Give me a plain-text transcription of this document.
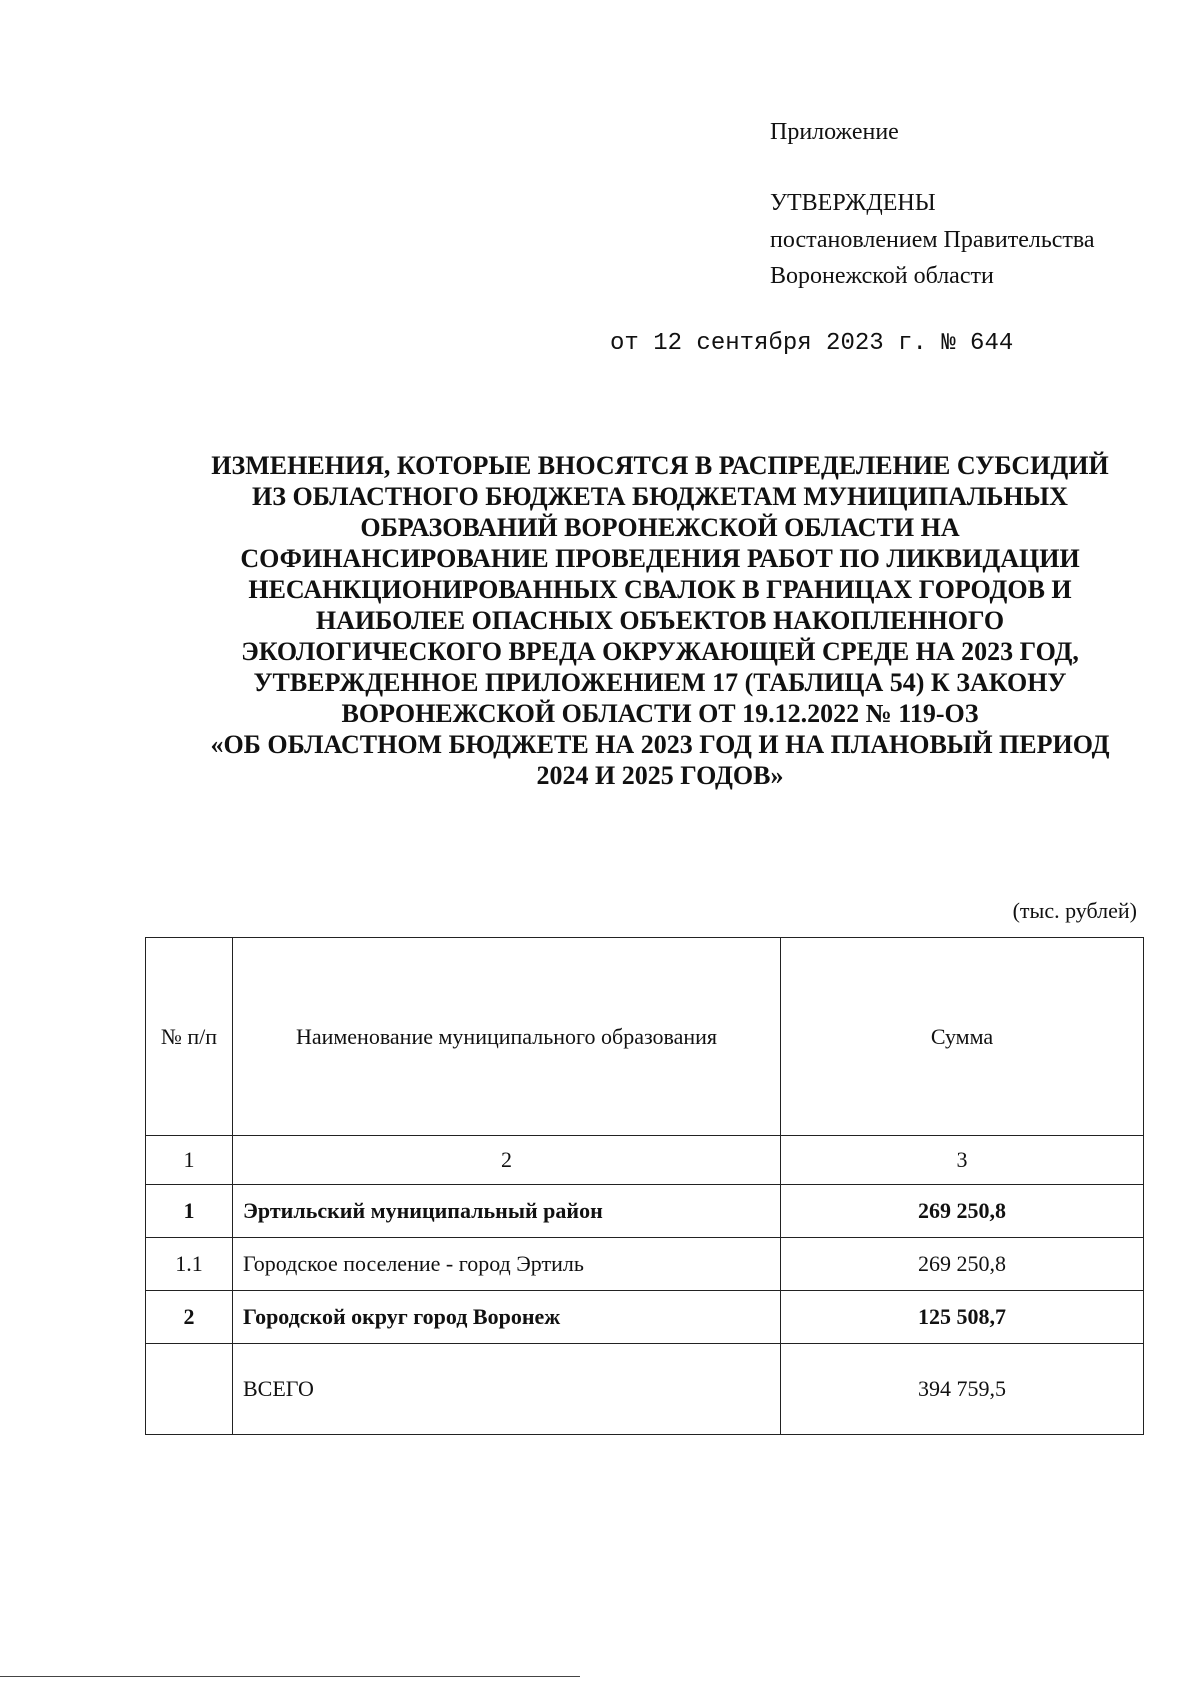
Приложение
УТВЕРЖДЕНЫ
постановлением Правительства
Воронежской области
от 12 сентября 2023 г. № 644
ИЗМЕНЕНИЯ, КОТОРЫЕ ВНОСЯТСЯ В РАСПРЕДЕЛЕНИЕ СУБСИДИЙ
ИЗ ОБЛАСТНОГО БЮДЖЕТА БЮДЖЕТАМ МУНИЦИПАЛЬНЫХ
ОБРАЗОВАНИЙ ВОРОНЕЖСКОЙ ОБЛАСТИ НА
СОФИНАНСИРОВАНИЕ ПРОВЕДЕНИЯ РАБОТ ПО ЛИКВИДАЦИИ
НЕСАНКЦИОНИРОВАННЫХ СВАЛОК В ГРАНИЦАХ ГОРОДОВ И
НАИБОЛЕЕ ОПАСНЫХ ОБЪЕКТОВ НАКОПЛЕННОГО
ЭКОЛОГИЧЕСКОГО ВРЕДА ОКРУЖАЮЩЕЙ СРЕДЕ НА 2023 ГОД,
УТВЕРЖДЕННОЕ ПРИЛОЖЕНИЕМ 17 (ТАБЛИЦА 54) К ЗАКОНУ
ВОРОНЕЖСКОЙ ОБЛАСТИ ОТ 19.12.2022 № 119-ОЗ
«ОБ ОБЛАСТНОМ БЮДЖЕТЕ НА 2023 ГОД И НА ПЛАНОВЫЙ ПЕРИОД
2024 И 2025 ГОДОВ»
(тыс. рублей)
№ п/п	Наименование муниципального образования	Сумма
1	2	3
1	Эртильский муниципальный район	269 250,8
1.1	Городское поселение - город Эртиль	269 250,8
2	Городской округ город Воронеж	125 508,7
	ВСЕГО	394 759,5
